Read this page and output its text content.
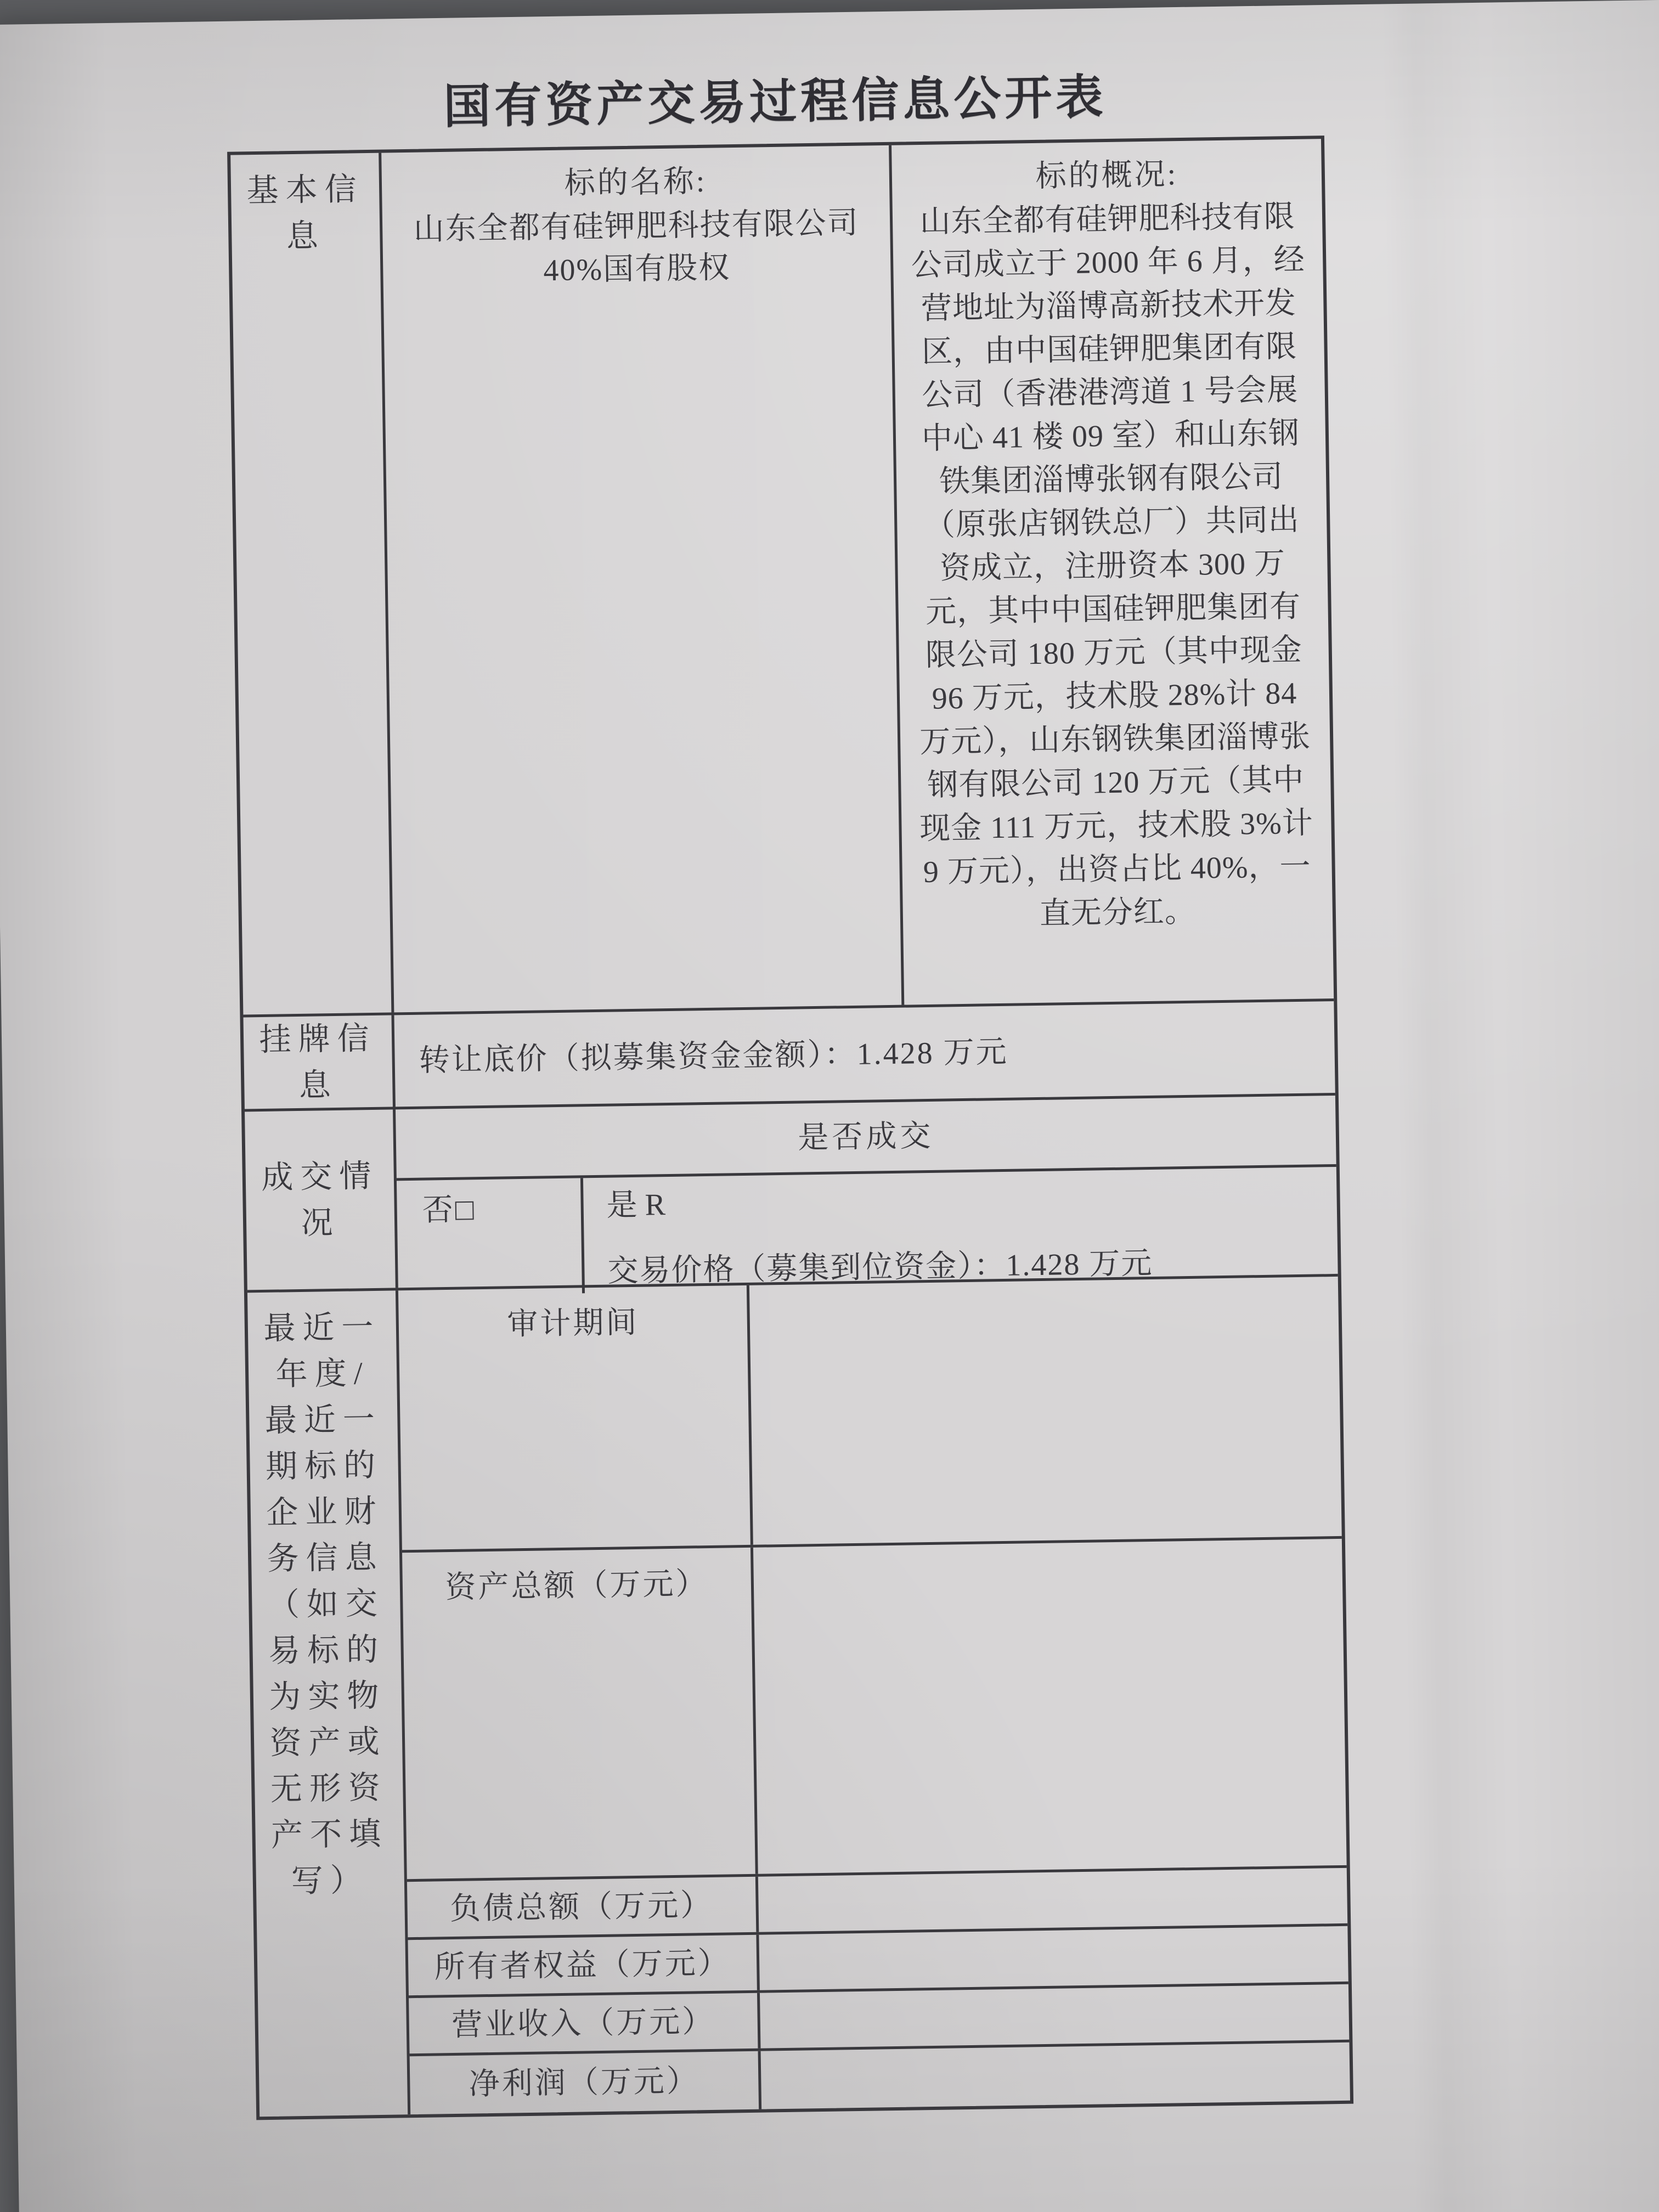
国有资产交易过程信息公开表
基本信息
标的名称:
山东全都有硅钾肥科技有限公司 40%国有股权
标的概况:
山东全都有硅钾肥科技有限公司成立于 2000 年 6 月，经营地址为淄博高新技术开发区，由中国硅钾肥集团有限公司（香港港湾道 1 号会展中心 41 楼 09 室）和山东钢铁集团淄博张钢有限公司（原张店钢铁总厂）共同出资成立，注册资本 300 万元，其中中国硅钾肥集团有限公司 180 万元（其中现金 96 万元，技术股 28%计 84 万元），山东钢铁集团淄博张钢有限公司 120 万元（其中现金 111 万元，技术股 3%计 9 万元），出资占比 40%，一直无分红。
挂牌信息
转让底价（拟募集资金金额）：1.428 万元
成交情况
是否成交
否□	是 R
交易价格（募集到位资金）：1.428 万元
最近一年度/最近一期标的企业财务信息（如交易标的为实物资产或无形资产不填写）
审计期间
资产总额（万元）
负债总额（万元）
所有者权益（万元）
营业收入（万元）
净利润（万元）
